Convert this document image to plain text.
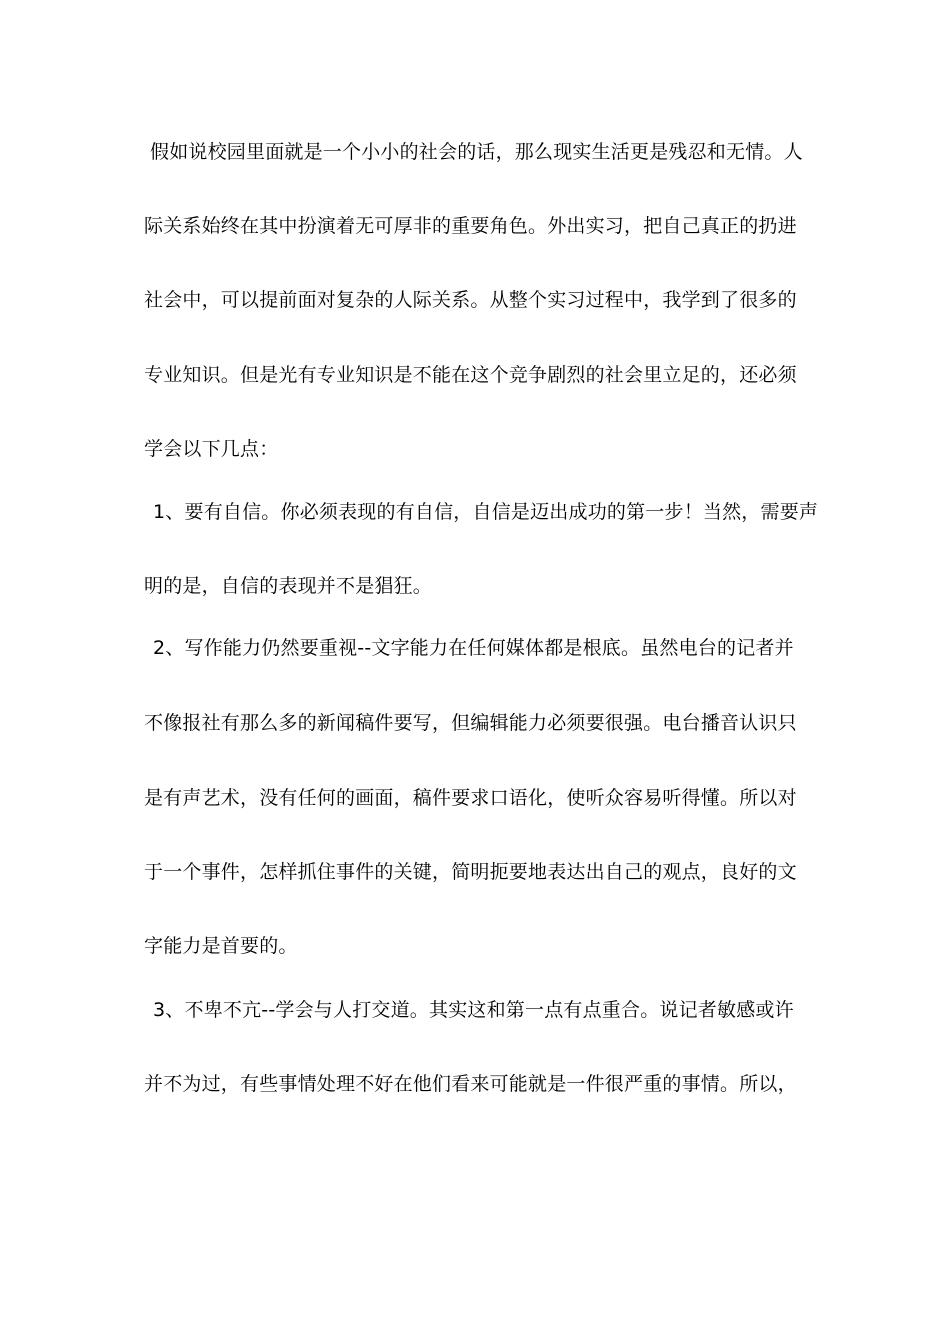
假如说校园里面就是一个小小的社会的话，那么现实生活更是残忍和无情。人
际关系始终在其中扮演着无可厚非的重要角色。外出实习，把自己真正的扔进
社会中，可以提前面对复杂的人际关系。从整个实习过程中，我学到了很多的
专业知识。但是光有专业知识是不能在这个竞争剧烈的社会里立足的，还必须
学会以下几点：
1、要有自信。你必须表现的有自信，自信是迈出成功的第一步！当然，需要声
明的是，自信的表现并不是猖狂。
2、写作能力仍然要重视--文字能力在任何媒体都是根底。虽然电台的记者并
不像报社有那么多的新闻稿件要写，但编辑能力必须要很强。电台播音认识只
是有声艺术，没有任何的画面，稿件要求口语化，使听众容易听得懂。所以对
于一个事件，怎样抓住事件的关键，简明扼要地表达出自己的观点，良好的文
字能力是首要的。
3、不卑不亢--学会与人打交道。其实这和第一点有点重合。说记者敏感或许
并不为过，有些事情处理不好在他们看来可能就是一件很严重的事情。所以，
